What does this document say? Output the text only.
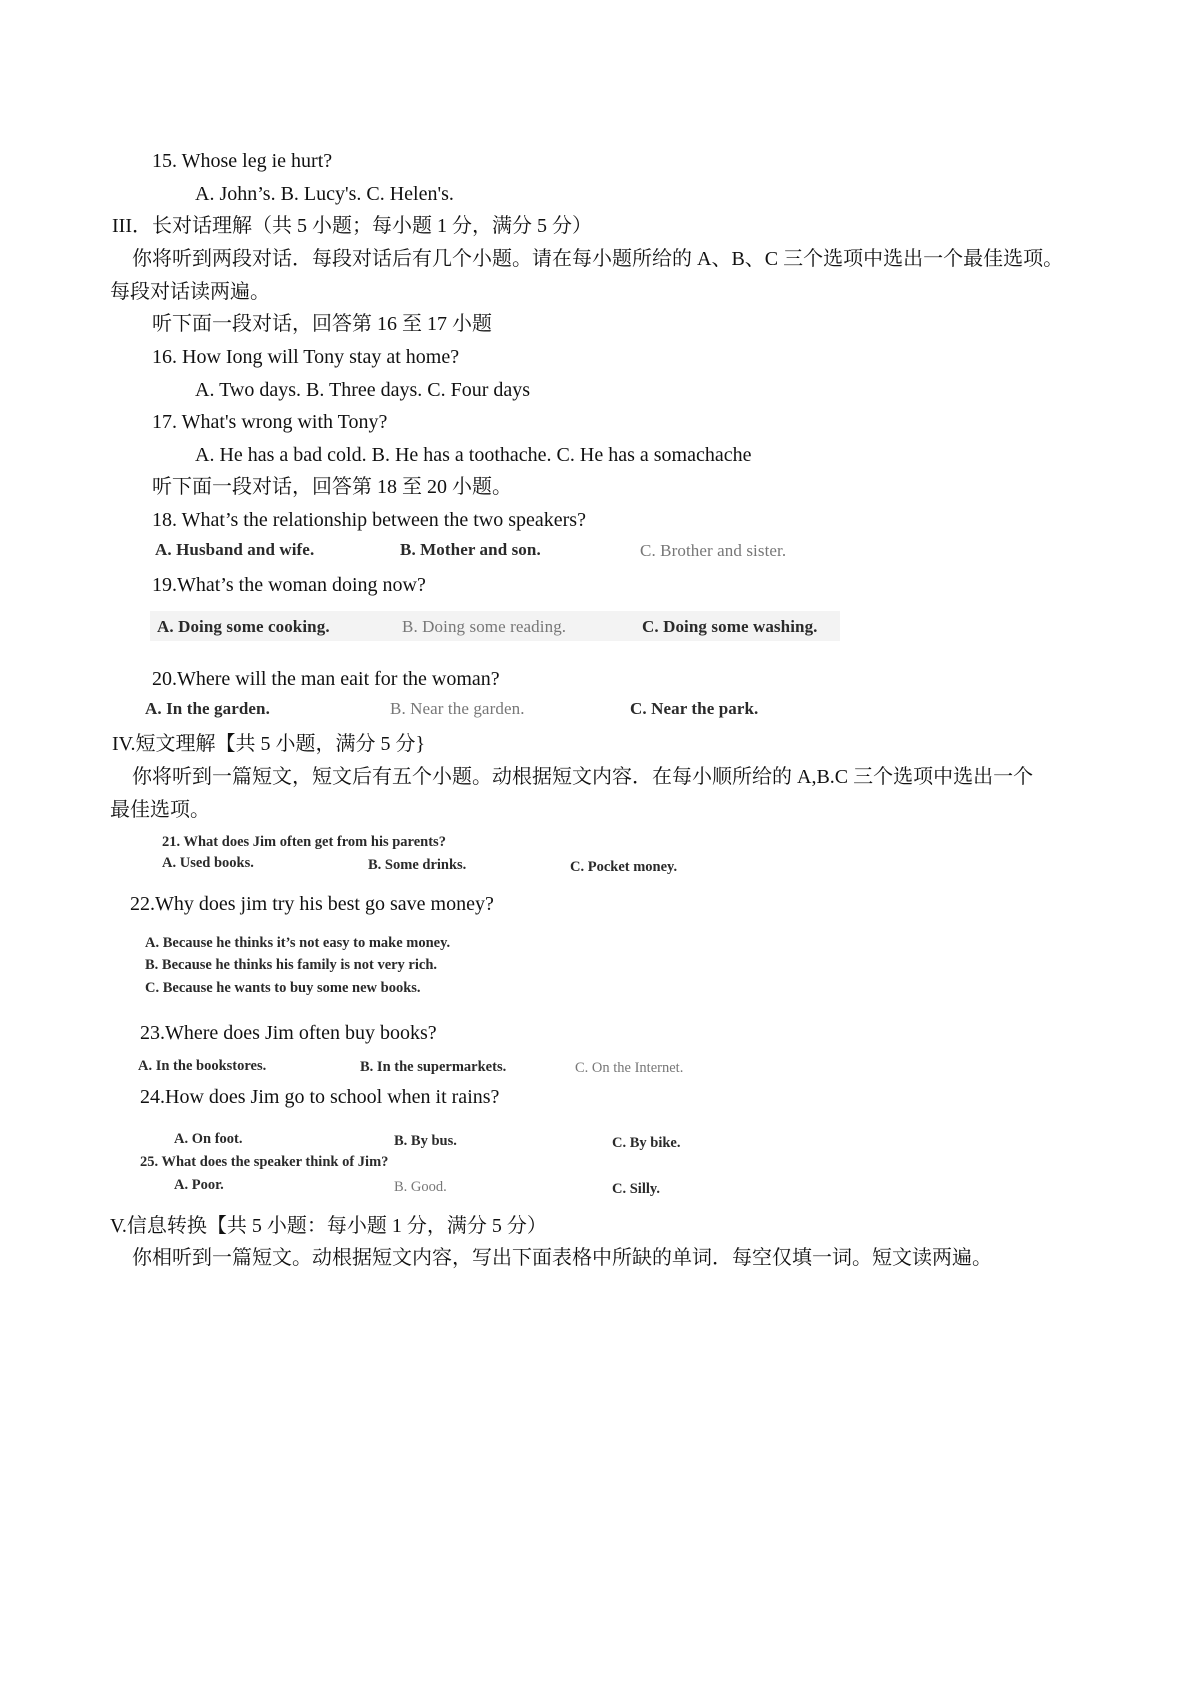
15. Whose leg ie hurt?
A. John’s. B. Lucy's. C. Helen's.
III．长对话理解（共 5 小题；每小题 1 分，满分 5 分）
你将听到两段对话．每段对话后有几个小题。请在每小题所给的 A、B、C 三个选项中选出一个最佳选项。
每段对话读两遍。
听下面一段对话，回答第 16 至 17 小题
16. How Iong will Tony stay at home?
A. Two days. B. Three days. C. Four days
17. What's wrong with Tony?
A. He has a bad cold. B. He has a toothache. C. He has a somachache
听下面一段对话，回答第 18 至 20 小题。
18. What’s the relationship between the two speakers?
A. Husband and wife.	B. Mother and son.	C. Brother and sister.
19.What’s the woman doing now?
A. Doing some cooking.	B. Doing some reading.	C. Doing some washing.
20.Where will the man eait for the woman?
A. In the garden.	B. Near the garden.	C. Near the park.
IV.短文理解【共 5 小题，满分 5 分}
你将听到一篇短文，短文后有五个小题。动根据短文内容．在每小顺所给的 A,B.C 三个选项中选出一个
最佳选项。
21. What does Jim often get from his parents?
A. Used books.	B. Some drinks.	C. Pocket money.
22.Why does jim try his best go save money?
A. Because he thinks it’s not easy to make money.
B. Because he thinks his family is not very rich.
C. Because he wants to buy some new books.
23.Where does Jim often buy books?
A. In the bookstores.	B. In the supermarkets.	C. On the Internet.
24.How does Jim go to school when it rains?
A. On foot.	B. By bus.	C. By bike.
25. What does the speaker think of Jim?
A. Poor.	B. Good.	C. Silly.
V.信息转换【共 5 小题：每小题 1 分，满分 5 分）
你相听到一篇短文。动根据短文内容，写出下面表格中所缺的单词．每空仅填一词。短文读两遍。
